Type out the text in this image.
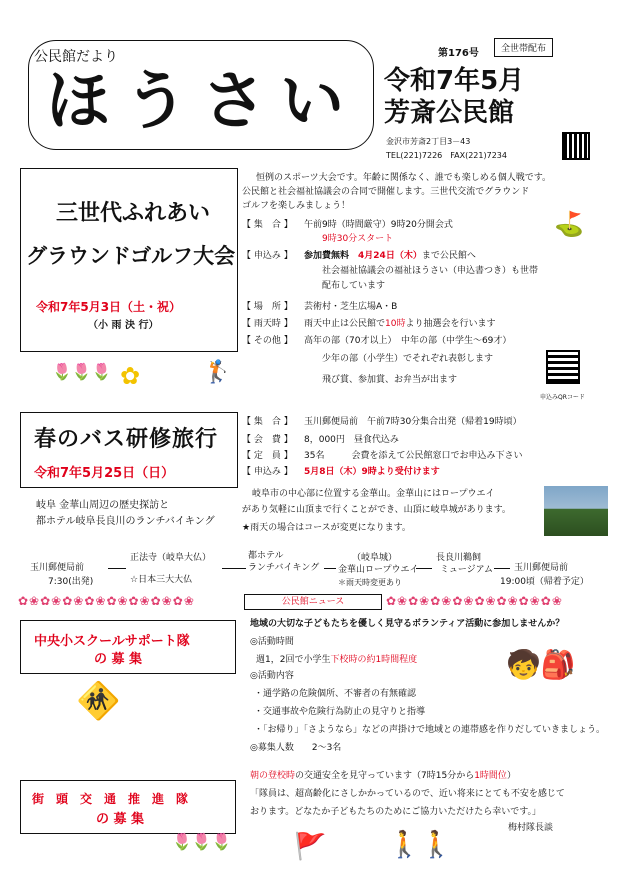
公民館だより
ほうさい
第176号	全世帯配布
令和7年5月
芳斎公民館
金沢市芳斎2丁目3－43
TEL(221)7226　FAX(221)7234
三世代ふれあい
グラウンドゴルフ大会
令和7年5月3日（土・祝）
（小 雨 決 行）
🌷🌷🌷 ✿	🏌
⛳
恒例のスポーツ大会です。年齢に関係なく、誰でも楽しめる個人戦です。
公民館と社会福祉協議会の合同で開催します。三世代交流でグラウンド
ゴルフを楽しみましょう！
【 集　合 】 午前9時（時間厳守）9時20分開会式
9時30分スタート
【 申込み 】 参加費無料　 4月24日（木）まで公民館へ
社会福祉協議会の福祉ほうさい（申込書つき）も世帯
配布しています
【 場　所 】 芸術村・芝生広場A・B
【 雨天時 】 雨天中止は公民館で10時より抽選会を行います
【 その他 】 高年の部（70才以上）　中年の部（中学生～69才）
少年の部（小学生）でそれぞれ表彰します
飛び賞、参加賞、お弁当が出ます
申込みQRコード
春のバス研修旅行
令和7年5月25日（日）
岐阜 金華山周辺の歴史探訪と
都ホテル岐阜長良川のランチバイキング
【 集　合 】 玉川郵便局前　午前7時30分集合出発（帰着19時頃）
【 会　費 】 8，000円　昼食代込み
【 定　員 】 35名　　　会費を添えて公民館窓口でお申込み下さい
【 申込み 】 5月8日（木）9時より受付けます
岐阜市の中心部に位置する金華山。金華山にはロープウエイ
があり気軽に山頂まで行くことができ、山頂に岐阜城があります。
★雨天の場合はコースが変更になります。
玉川郵便局前
7:30(出発)
正法寺（岐阜大仏）
☆日本三大大仏
都ホテル
ランチバイキング
（岐阜城）
金華山ロープウエイ
＊雨天時変更あり
長良川鵜飼
ミュージアム 玉川郵便局前
19:00頃（帰着予定）
✿❀✿❀✿❀✿❀✿❀✿❀✿❀✿❀	公民館ニュース	✿❀✿❀✿❀✿❀✿❀✿❀✿❀✿❀
中央小スクールサポート隊
の 募 集
🚸
地域の大切な子どもたちを優しく見守るボランティア活動に参加しませんか？
◎活動時間
週1，2回で小学生下校時の約1時間程度
◎活動内容
・通学路の危険個所、不審者の有無確認
・交通事故や危険行為防止の見守りと指導
・「お帰り」「さようなら」などの声掛けで地域との連帯感を作りだしていきましょう。
◎募集人数　　2～3名
🧒🎒
街　頭　交　通　推　進　隊
の 募 集
🌷🌷🌷
朝の登校時の交通安全を見守っています（7時15分から1時間位）
「隊員は、超高齢化にさしかかっているので、近い将来にとても不安を感じて
おります。どなたか子どもたちのためにご協力いただけたら幸いです。」
梅村隊長談
🚩 🚶🚶
